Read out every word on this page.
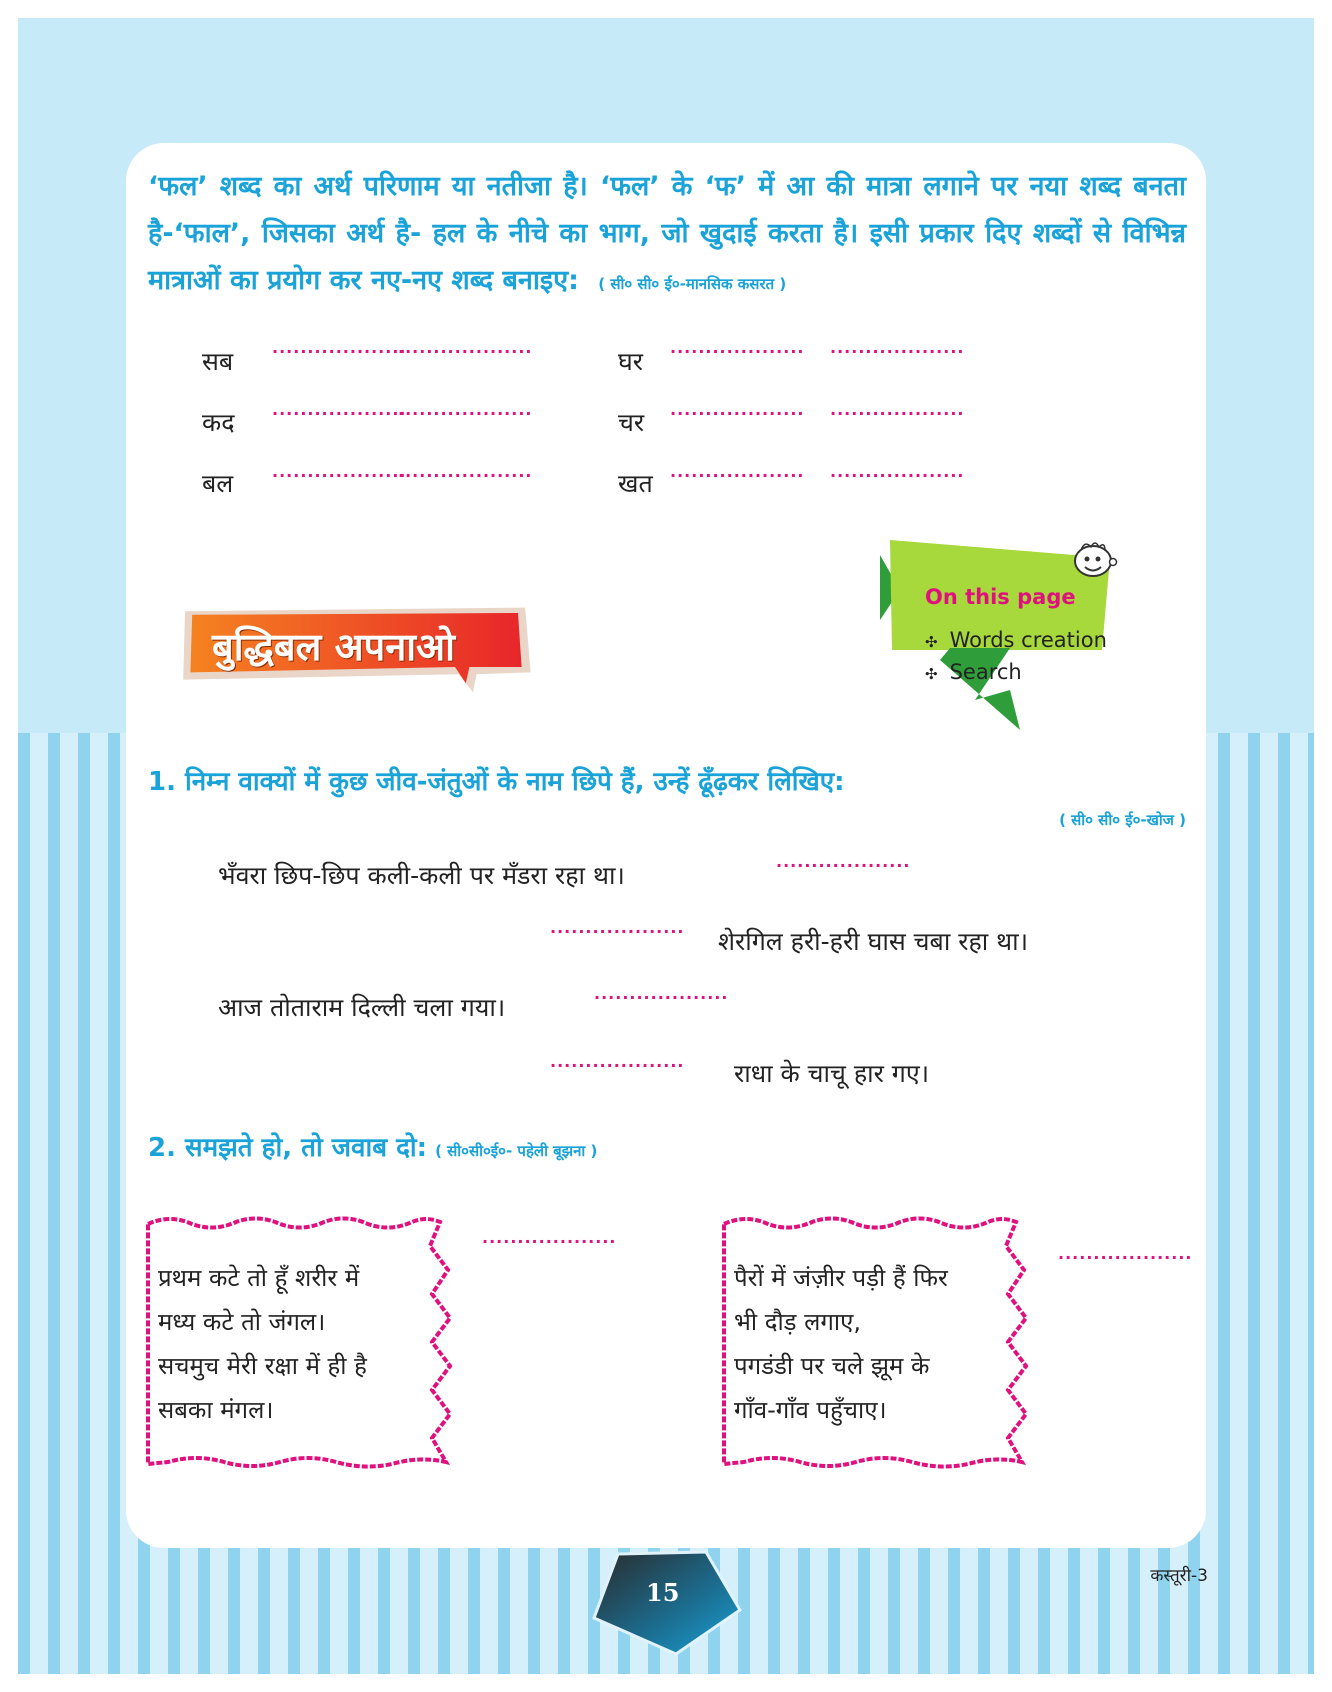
‘फल’ शब्द का अर्थ परिणाम या नतीजा है। ‘फल’ के ‘फ’ में आ की मात्रा लगाने पर नया शब्द बनता है-‘फाल’, जिसका अर्थ है- हल के नीचे का भाग, जो खुदाई करता है। इसी प्रकार दिए शब्दों से विभिन्न मात्राओं का प्रयोग कर नए-नए शब्द बनाइए: ( सी० सी० ई०-मानसिक कसरत )
सब
कद
बल
घर
चर
खत
...................
...................
...................
...................
...................
...................
................... ...................
................... ...................
................... ...................
On this page
✣ Words creation
✣ Search
बुद्धिबल अपनाओ
1. निम्न वाक्यों में कुछ जीव-जंतुओं के नाम छिपे हैं, उन्हें ढूँढ़कर लिखिए:
( सी० सी० ई०-खोज )
भँवरा छिप-छिप कली-कली पर मँडरा रहा था।	...................
................... शेरगिल हरी-हरी घास चबा रहा था।
आज तोताराम दिल्ली चला गया।	...................
................... राधा के चाचू हार गए।
2. समझते हो, तो जवाब दो: ( सी०सी०ई०- पहेली बूझना )
प्रथम कटे तो हूँ शरीर में
मध्य कटे तो जंगल।
सचमुच मेरी रक्षा में ही है
सबका मंगल।
...................
पैरों में जंज़ीर पड़ी हैं फिर
भी दौड़ लगाए,
पगडंडी पर चले झूम के
गाँव-गाँव पहुँचाए।
...................
कस्तूरी-3
15
